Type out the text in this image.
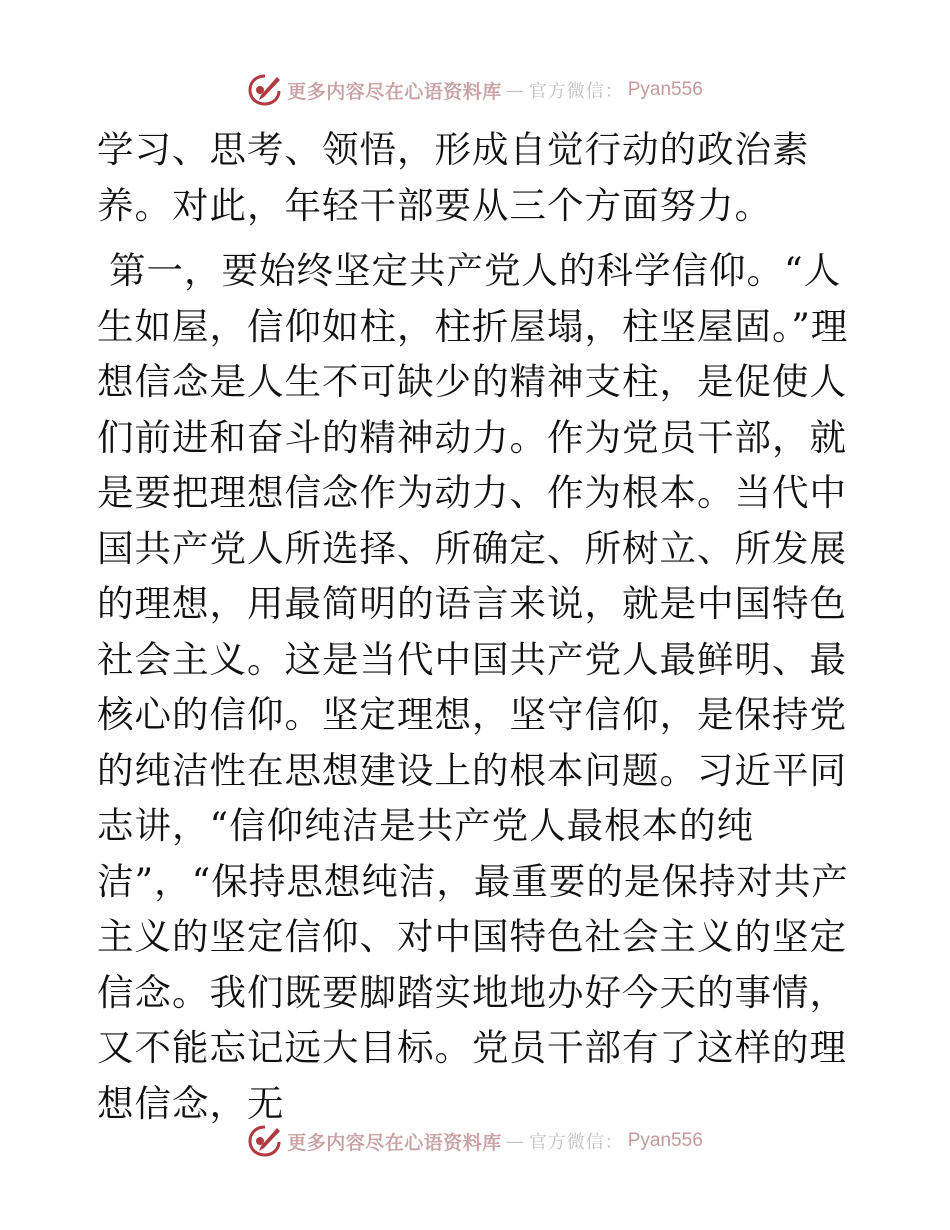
更多内容尽在心语资料库 — 官方微信： Pyan556

学习、思考、领悟，形成自觉行动的政治素养。对此，年轻干部要从三个方面努力。

第一，要始终坚定共产党人的科学信仰。“人生如屋，信仰如柱，柱折屋塌，柱坚屋固。”理想信念是人生不可缺少的精神支柱，是促使人们前进和奋斗的精神动力。作为党员干部，就是要把理想信念作为动力、作为根本。当代中国共产党人所选择、所确定、所树立、所发展的理想，用最简明的语言来说，就是中国特色社会主义。这是当代中国共产党人最鲜明、最核心的信仰。坚定理想，坚守信仰，是保持党的纯洁性在思想建设上的根本问题。习近平同志讲，“信仰纯洁是共产党人最根本的纯洁”，“保持思想纯洁，最重要的是保持对共产主义的坚定信仰、对中国特色社会主义的坚定信念。我们既要脚踏实地地办好今天的事情，又不能忘记远大目标。党员干部有了这样的理想信念，无

更多内容尽在心语资料库 — 官方微信： Pyan556
